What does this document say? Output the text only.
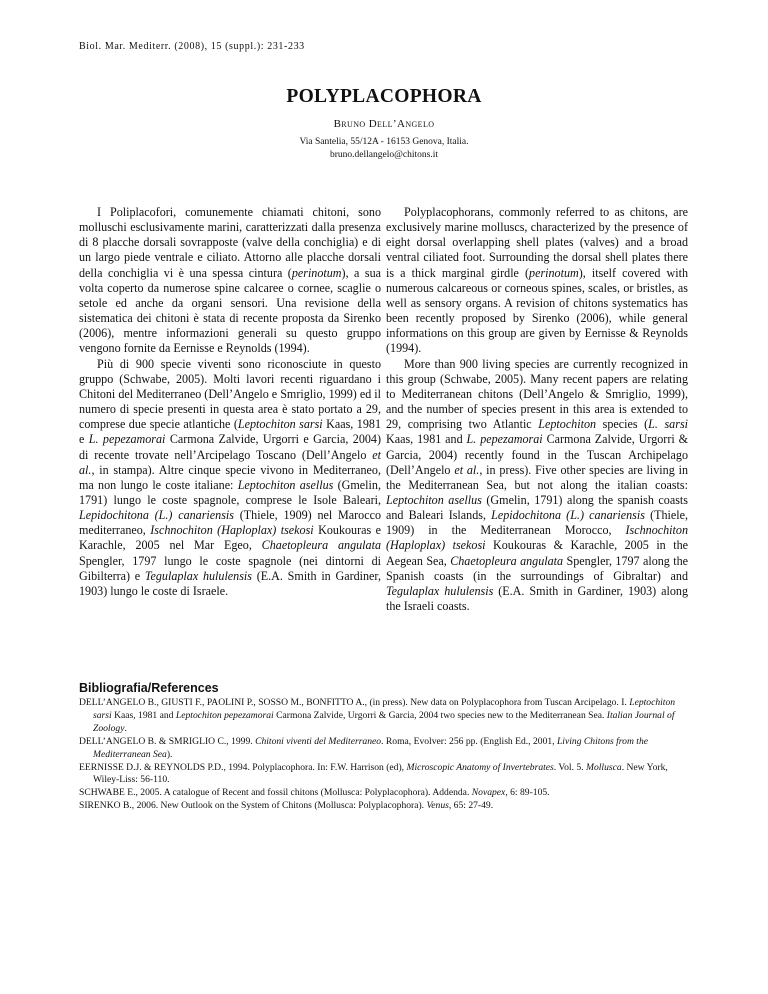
Biol. Mar. Mediterr. (2008), 15 (suppl.): 231-233
POLYPLACOPHORA
Bruno Dell’Angelo
Via Santelia, 55/12A - 16153 Genova, Italia.
bruno.dellangelo@chitons.it

I Poliplacofori, comunemente chiamati chitoni, sono molluschi esclusivamente marini, caratterizzati dalla presenza di 8 placche dorsali sovrapposte (valve della conchiglia) e di un largo piede ventrale e ciliato. Attorno alle placche dorsali della conchiglia vi è una spessa cintura (perinotum), a sua volta coperto da numerose spine calcaree o cornee, scaglie o setole ed anche da organi sensori. Una revisione della sistematica dei chitoni è stata di recente proposta da Sirenko (2006), mentre informazioni generali su questo gruppo vengono fornite da Eernisse e Reynolds (1994).

Più di 900 specie viventi sono riconosciute in questo gruppo (Schwabe, 2005). Molti lavori recenti riguardano i Chitoni del Mediterraneo (Dell’Angelo e Smriglio, 1999) ed il numero di specie presenti in questa area è stato portato a 29, comprese due specie atlantiche (Leptochiton sarsi Kaas, 1981 e L. pepezamorai Carmona Zalvide, Urgorri e Garcia, 2004) di recente trovate nell’Arcipelago Toscano (Dell’Angelo et al., in stampa). Altre cinque specie vivono in Mediterraneo, ma non lungo le coste italiane: Leptochiton asellus (Gmelin, 1791) lungo le coste spagnole, comprese le Isole Baleari, Lepidochitona (L.) canariensis (Thiele, 1909) nel Marocco mediterraneo, Ischnochiton (Haploplax) tsekosi Koukouras e Karachle, 2005 nel Mar Egeo, Chaetopleura angulata Spengler, 1797 lungo le coste spagnole (nei dintorni di Gibilterra) e Tegulaplax hululensis (E.A. Smith in Gardiner, 1903) lungo le coste di Israele.

Polyplacophorans, commonly referred to as chitons, are exclusively marine molluscs, characterized by the presence of eight dorsal overlapping shell plates (valves) and a broad ventral ciliated foot. Surrounding the dorsal shell plates there is a thick marginal girdle (perinotum), itself covered with numerous calcareous or corneous spines, scales, or bristles, as well as sensory organs. A revision of chitons systematics has been recently proposed by Sirenko (2006), while general informations on this group are given by Eernisse & Reynolds (1994).

More than 900 living species are currently recognized in this group (Schwabe, 2005). Many recent papers are relating to Mediterranean chitons (Dell’Angelo & Smriglio, 1999), and the number of species present in this area is extended to 29, comprising two Atlantic Leptochiton species (L. sarsi Kaas, 1981 and L. pepezamorai Carmona Zalvide, Urgorri & Garcia, 2004) recently found in the Tuscan Archipelago (Dell’Angelo et al., in press). Five other species are living in the Mediterranean Sea, but not along the italian coasts: Leptochiton asellus (Gmelin, 1791) along the spanish coasts and Baleari Islands, Lepidochitona (L.) canariensis (Thiele, 1909) in the Mediterranean Morocco, Ischnochiton (Haploplax) tsekosi Koukouras & Karachle, 2005 in the Aegean Sea, Chaetopleura angulata Spengler, 1797 along the Spanish coasts (in the surroundings of Gibraltar) and Tegulaplax hululensis (E.A. Smith in Gardiner, 1903) along the Israeli coasts.

Bibliografia/References
DELL’ANGELO B., GIUSTI F., PAOLINI P., SOSSO M., BONFITTO A., (in press). New data on Polyplacophora from Tuscan Arcipelago. I. Leptochiton sarsi Kaas, 1981 and Leptochiton pepezamorai Carmona Zalvide, Urgorri & Garcia, 2004 two species new to the Mediterranean Sea. Italian Journal of Zoology.
DELL’ANGELO B. & SMRIGLIO C., 1999. Chitoni viventi del Mediterraneo. Roma, Evolver: 256 pp. (English Ed., 2001, Living Chitons from the Mediterranean Sea).
EERNISSE D.J. & REYNOLDS P.D., 1994. Polyplacophora. In: F.W. Harrison (ed), Microscopic Anatomy of Invertebrates. Vol. 5. Mollusca. New York, Wiley-Liss: 56-110.
SCHWABE E., 2005. A catalogue of Recent and fossil chitons (Mollusca: Polyplacophora). Addenda. Novapex, 6: 89-105.
SIRENKO B., 2006. New Outlook on the System of Chitons (Mollusca: Polyplacophora). Venus, 65: 27-49.
